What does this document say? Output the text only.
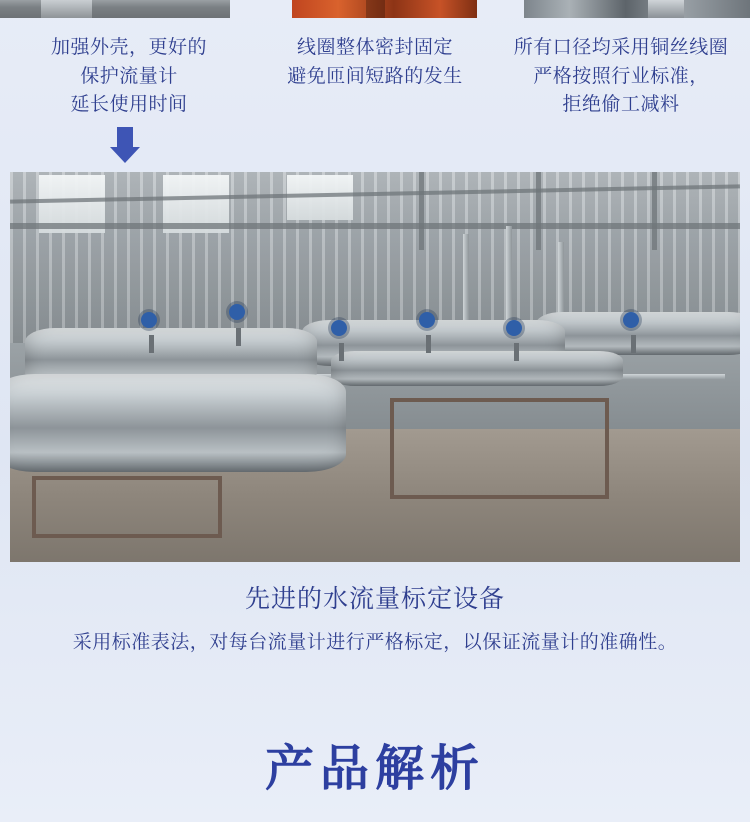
加强外壳，更好的
保护流量计
延长使用时间
线圈整体密封固定
避免匝间短路的发生
所有口径均采用铜丝线圈
严格按照行业标准，
拒绝偷工减料
先进的水流量标定设备
采用标准表法，对每台流量计进行严格标定，以保证流量计的准确性。
产品解析
